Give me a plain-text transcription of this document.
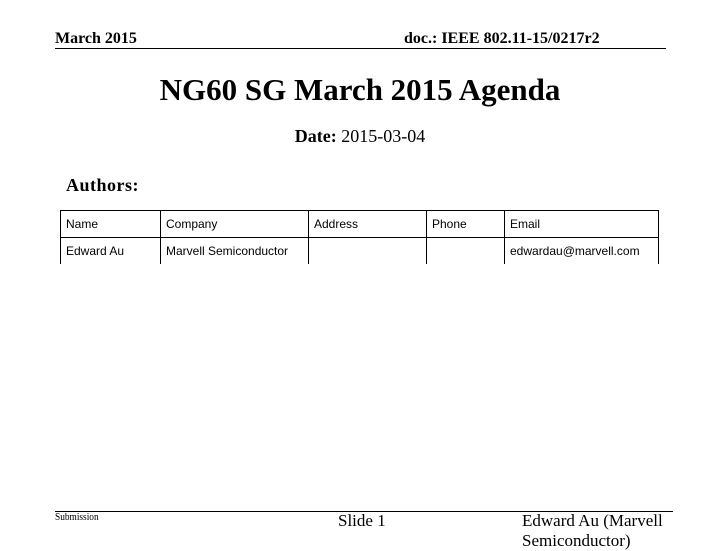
March 2015	doc.: IEEE 802.11-15/0217r2
NG60 SG March 2015 Agenda
Date: 2015-03-04
Authors:
Name	Company	Address	Phone	Email
Edward Au	Marvell Semiconductor			edwardau@marvell.com
Submission	Slide 1	Edward Au (Marvell Semiconductor)
